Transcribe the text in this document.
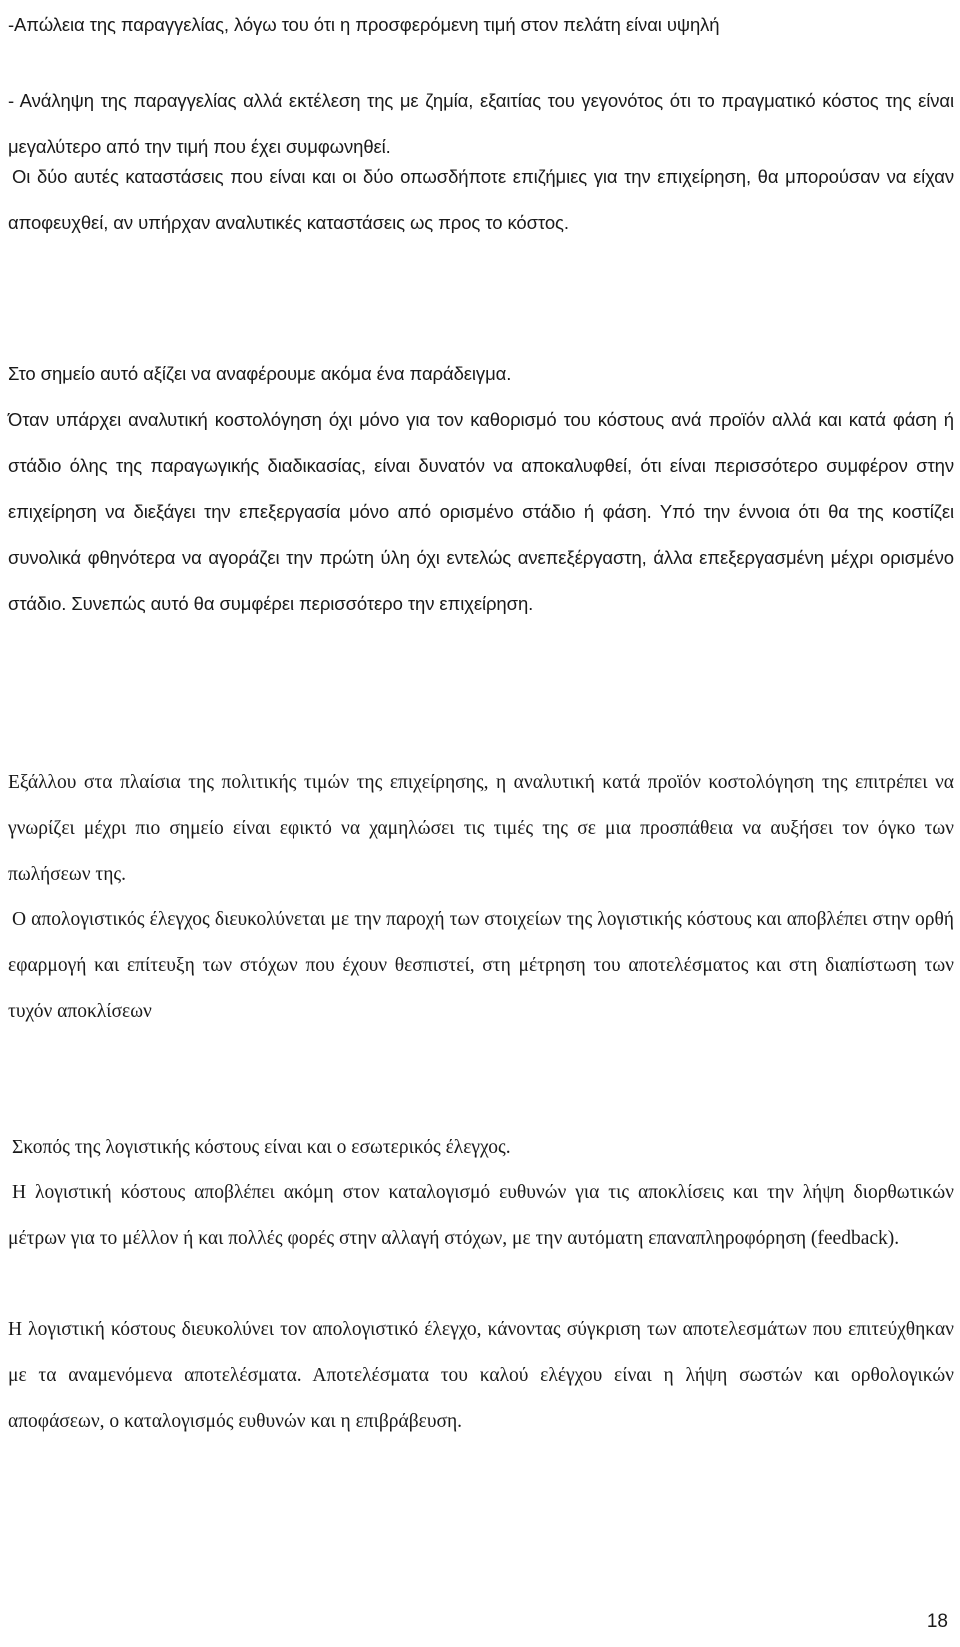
-Απώλεια της παραγγελίας, λόγω του ότι η προσφερόμενη τιμή στον πελάτη είναι υψηλή

- Ανάληψη της παραγγελίας αλλά εκτέλεση της με ζημία, εξαιτίας του γεγονότος ότι το πραγματικό κόστος της είναι μεγαλύτερο από την τιμή που έχει συμφωνηθεί.

Οι δύο αυτές καταστάσεις που είναι και οι δύο οπωσδήποτε επιζήμιες για την επιχείρηση, θα μπορούσαν να είχαν αποφευχθεί, αν υπήρχαν αναλυτικές καταστάσεις ως προς το κόστος.

Στο σημείο αυτό αξίζει να αναφέρουμε ακόμα ένα παράδειγμα.

Όταν υπάρχει αναλυτική κοστολόγηση όχι μόνο για τον καθορισμό του κόστους ανά προϊόν αλλά και κατά φάση ή στάδιο όλης της παραγωγικής διαδικασίας, είναι δυνατόν να αποκαλυφθεί, ότι είναι περισσότερο συμφέρον στην επιχείρηση να διεξάγει την επεξεργασία μόνο από ορισμένο στάδιο ή φάση. Υπό την έννοια ότι θα της κοστίζει συνολικά φθηνότερα να αγοράζει την πρώτη ύλη όχι εντελώς ανεπεξέργαστη, άλλα επεξεργασμένη μέχρι ορισμένο στάδιο. Συνεπώς αυτό θα συμφέρει περισσότερο την επιχείρηση.

Εξάλλου στα πλαίσια της πολιτικής τιμών της επιχείρησης, η αναλυτική κατά προϊόν κοστολόγηση της επιτρέπει να γνωρίζει μέχρι πιο σημείο είναι εφικτό να χαμηλώσει τις τιμές της σε μια προσπάθεια να αυξήσει τον όγκο των πωλήσεων της.

Ο απολογιστικός έλεγχος διευκολύνεται με την παροχή των στοιχείων της λογιστικής κόστους και αποβλέπει στην ορθή εφαρμογή και επίτευξη των στόχων που έχουν θεσπιστεί, στη μέτρηση του αποτελέσματος και στη διαπίστωση των τυχόν αποκλίσεων

Σκοπός της λογιστικής κόστους είναι και ο εσωτερικός έλεγχος.

Η λογιστική κόστους αποβλέπει ακόμη στον καταλογισμό ευθυνών για τις αποκλίσεις και την λήψη διορθωτικών μέτρων για το μέλλον ή και πολλές φορές στην αλλαγή στόχων, με την αυτόματη επαναπληροφόρηση (feedback).

Η λογιστική κόστους διευκολύνει τον απολογιστικό έλεγχο, κάνοντας σύγκριση των αποτελεσμάτων που επιτεύχθηκαν με τα αναμενόμενα αποτελέσματα. Αποτελέσματα του καλού ελέγχου είναι η λήψη σωστών και ορθολογικών αποφάσεων, ο καταλογισμός ευθυνών και η επιβράβευση.

18
